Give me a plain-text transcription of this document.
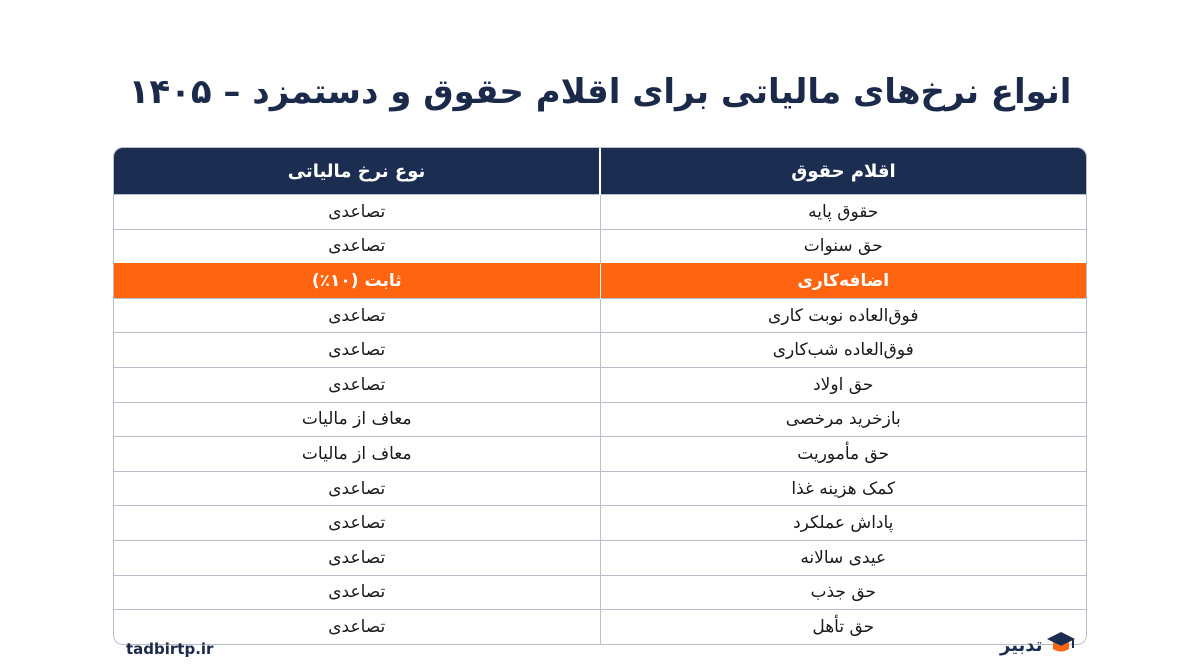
انواع نرخ‌های مالیاتی برای اقلام حقوق و دستمزد – ۱۴۰۵
اقلام حقوق	نوع نرخ مالیاتی
حقوق پایه	تصاعدی
حق سنوات	تصاعدی
اضافه‌کاری	ثابت (۱۰٪)
فوق‌العاده نوبت کاری	تصاعدی
فوق‌العاده شب‌کاری	تصاعدی
حق اولاد	تصاعدی
بازخرید مرخصی	معاف از مالیات
حق مأموریت	معاف از مالیات
کمک هزینه غذا	تصاعدی
پاداش عملکرد	تصاعدی
عیدی سالانه	تصاعدی
حق جذب	تصاعدی
حق تأهل	تصاعدی
tadbirtp.ir	تدبیر
